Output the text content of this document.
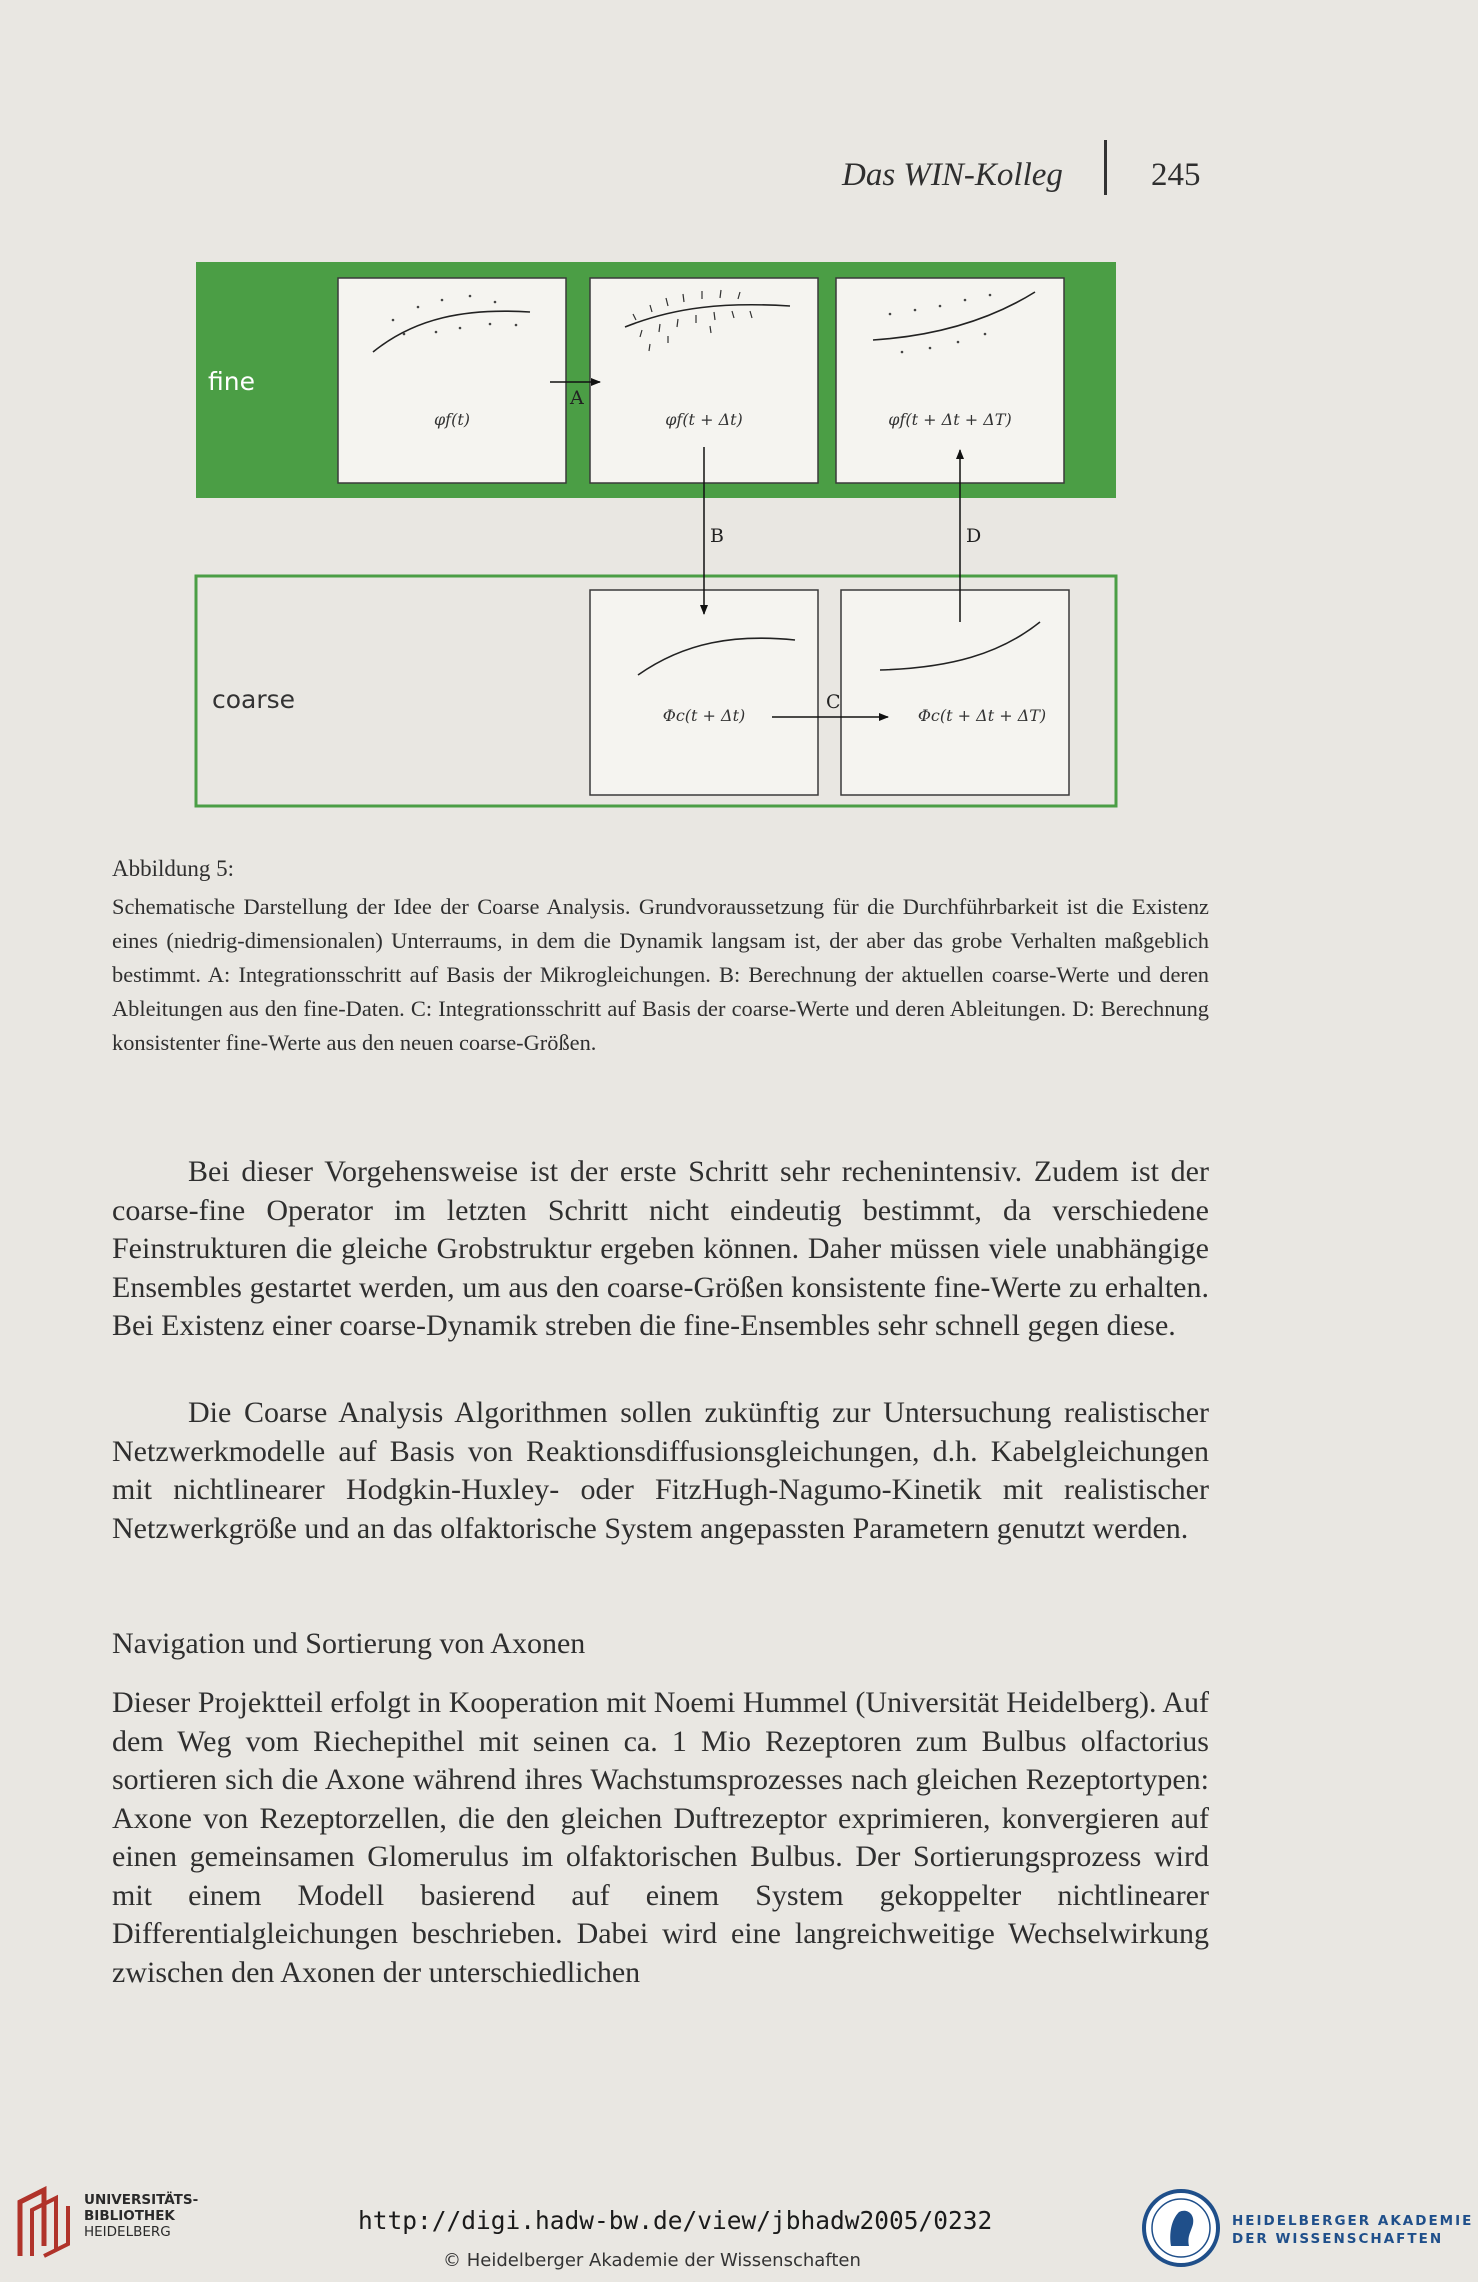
Das WIN-Kolleg	245
fine
φf(t)	φf(t + Δt)	φf(t + Δt + ΔT)
A
coarse
Φc(t + Δt)	Φc(t + Δt + ΔT)
B	D
C
Abbildung 5:

Schematische Darstellung der Idee der Coarse Analysis. Grundvoraussetzung für die Durchführbarkeit ist die Existenz eines (niedrig-dimensionalen) Unterraums, in dem die Dynamik langsam ist, der aber das grobe Verhalten maßgeblich bestimmt. A: Integrationsschritt auf Basis der Mikrogleichungen. B: Berechnung der aktuellen coarse-Werte und deren Ableitungen aus den fine-Daten. C: Integrationsschritt auf Basis der coarse-Werte und deren Ableitungen. D: Berechnung konsistenter fine-Werte aus den neuen coarse-Größen.

Bei dieser Vorgehensweise ist der erste Schritt sehr rechenintensiv. Zudem ist der coarse-fine Operator im letzten Schritt nicht eindeutig bestimmt, da verschiedene Feinstrukturen die gleiche Grobstruktur ergeben können. Daher müssen viele unabhängige Ensembles gestartet werden, um aus den coarse-Größen konsistente fine-Werte zu erhalten. Bei Existenz einer coarse-Dynamik streben die fine-Ensembles sehr schnell gegen diese.

Die Coarse Analysis Algorithmen sollen zukünftig zur Untersuchung realistischer Netzwerkmodelle auf Basis von Reaktionsdiffusionsgleichungen, d.h. Kabelgleichungen mit nichtlinearer Hodgkin-Huxley- oder FitzHugh-Nagumo-Kinetik mit realistischer Netzwerkgröße und an das olfaktorische System angepassten Parametern genutzt werden.

Navigation und Sortierung von Axonen

Dieser Projektteil erfolgt in Kooperation mit Noemi Hummel (Universität Heidelberg). Auf dem Weg vom Riechepithel mit seinen ca. 1 Mio Rezeptoren zum Bulbus olfactorius sortieren sich die Axone während ihres Wachstumsprozesses nach gleichen Rezeptortypen: Axone von Rezeptorzellen, die den gleichen Duftrezeptor exprimieren, konvergieren auf einen gemeinsamen Glomerulus im olfaktorischen Bulbus. Der Sortierungsprozess wird mit einem Modell basierend auf einem System gekoppelter nichtlinearer Differentialgleichungen beschrieben. Dabei wird eine langreichweitige Wechselwirkung zwischen den Axonen der unterschiedlichen

UNIVERSITÄTS-
BIBLIOTHEK
HEIDELBERG	http://digi.hadw-bw.de/view/jbhadw2005/0232
© Heidelberger Akademie der Wissenschaften
HEIDELBERGER AKADEMIE
DER WISSENSCHAFTEN
